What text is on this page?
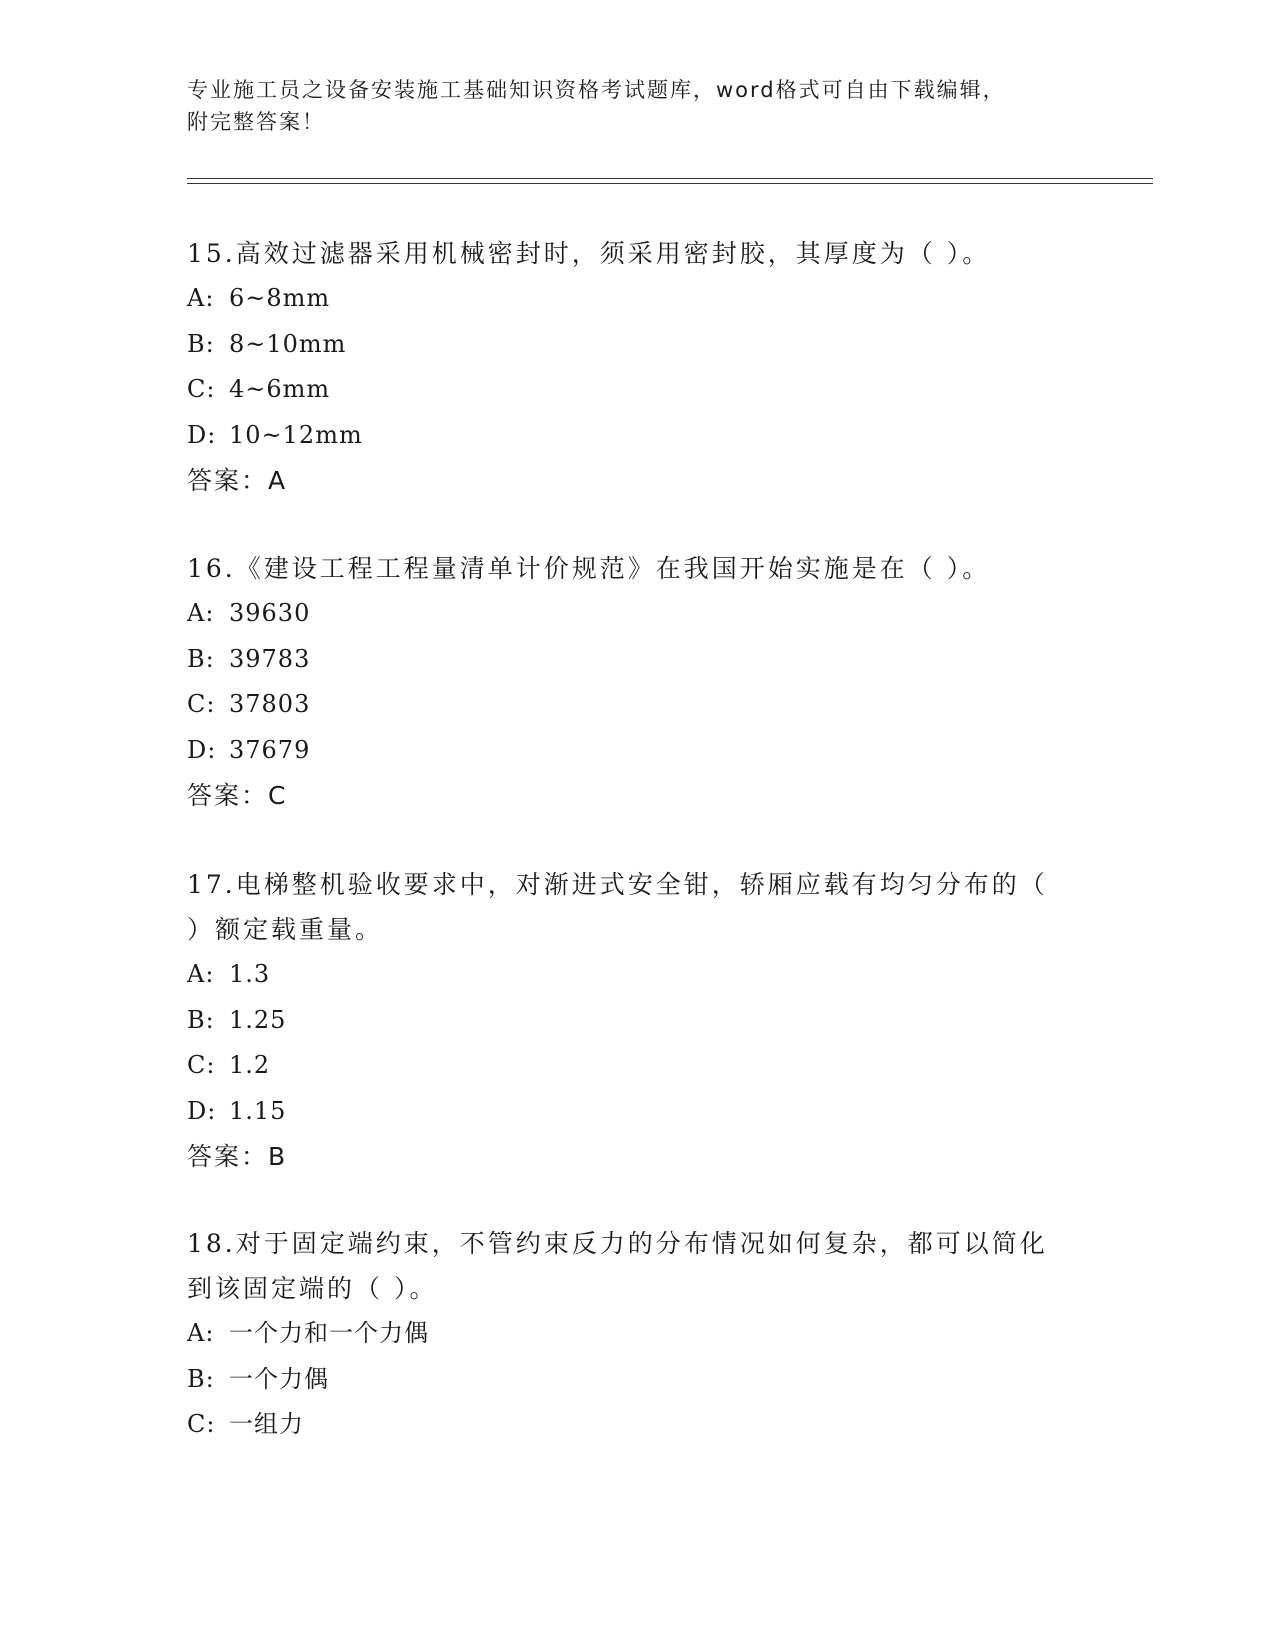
专业施工员之设备安装施工基础知识资格考试题库，word格式可自由下载编辑，
附完整答案！

15.高效过滤器采用机械密封时，须采用密封胶，其厚度为（ ）。

A: 6~8mm
B: 8~10mm
C: 4~6mm
D: 10~12mm
答案：A

16.《建设工程工程量清单计价规范》在我国开始实施是在（ ）。

A: 39630
B: 39783
C: 37803
D: 37679
答案：C

17.电梯整机验收要求中，对渐进式安全钳，轿厢应载有均匀分布的（ ）额定载重量。

A: 1.3
B: 1.25
C: 1.2
D: 1.15
答案：B

18.对于固定端约束，不管约束反力的分布情况如何复杂，都可以简化到该固定端的（ ）。

A: 一个力和一个力偶
B: 一个力偶
C: 一组力
